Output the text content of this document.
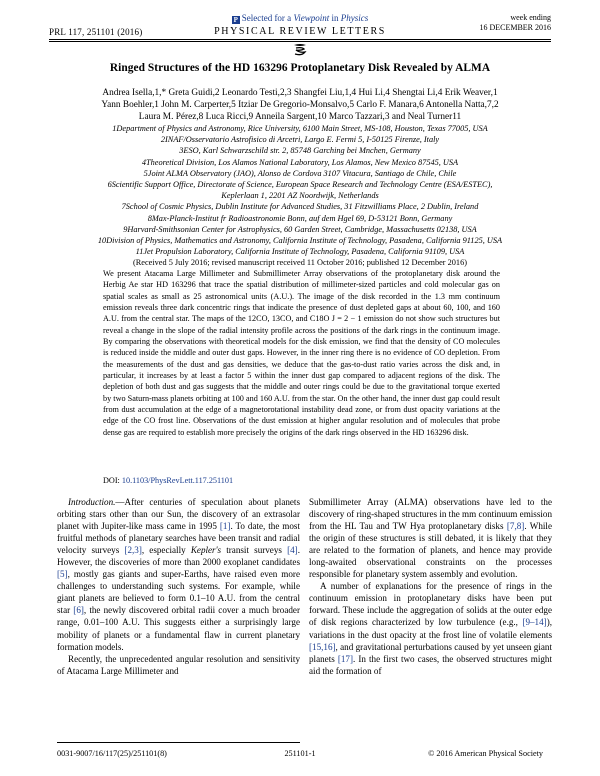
PRL 117, 251101 (2016)
P Selected for a Viewpoint in Physics
PHYSICAL REVIEW LETTERS
week ending
16 DECEMBER 2016
Ringed Structures of the HD 163296 Protoplanetary Disk Revealed by ALMA
Andrea Isella,1,* Greta Guidi,2 Leonardo Testi,2,3 Shangfei Liu,1,4 Hui Li,4 Shengtai Li,4 Erik Weaver,1
Yann Boehler,1 John M. Carperter,5 Itziar De Gregorio-Monsalvo,5 Carlo F. Manara,6 Antonella Natta,7,2
Laura M. Pérez,8 Luca Ricci,9 Anneila Sargent,10 Marco Tazzari,3 and Neal Turner11
1Department of Physics and Astronomy, Rice University, 6100 Main Street, MS-108, Houston, Texas 77005, USA
2INAF/Osservatorio Astrofisico di Arcetri, Largo E. Fermi 5, I-50125 Firenze, Italy
3ESO, Karl Schwarzschild str. 2, 85748 Garching bei Mnchen, Germany
4Theoretical Division, Los Alamos National Laboratory, Los Alamos, New Mexico 87545, USA
5Joint ALMA Observatory (JAO), Alonso de Cordova 3107 Vitacura, Santiago de Chile, Chile
6Scientific Support Office, Directorate of Science, European Space Research and Technology Centre (ESA/ESTEC),
Keplerlaan 1, 2201 AZ Noordwijk, Netherlands
7School of Cosmic Physics, Dublin Institute for Advanced Studies, 31 Fitzwilliams Place, 2 Dublin, Ireland
8Max-Planck-Institut fr Radioastronomie Bonn, auf dem Hgel 69, D-53121 Bonn, Germany
9Harvard-Smithsonian Center for Astrophysics, 60 Garden Street, Cambridge, Massachusetts 02138, USA
10Division of Physics, Mathematics and Astronomy, California Institute of Technology, Pasadena, California 91125, USA
11Jet Propulsion Laboratory, California Institute of Technology, Pasadena, California 91109, USA
(Received 5 July 2016; revised manuscript received 11 October 2016; published 12 December 2016)

We present Atacama Large Millimeter and Submillimeter Array observations of the protoplanetary disk around the Herbig Ae star HD 163296 that trace the spatial distribution of millimeter-sized particles and cold molecular gas on spatial scales as small as 25 astronomical units (A.U.). The image of the disk recorded in the 1.3 mm continuum emission reveals three dark concentric rings that indicate the presence of dust depleted gaps at about 60, 100, and 160 A.U. from the central star. The maps of the 12CO, 13CO, and C18O J = 2 − 1 emission do not show such structures but reveal a change in the slope of the radial intensity profile across the positions of the dark rings in the continuum image. By comparing the observations with theoretical models for the disk emission, we find that the density of CO molecules is reduced inside the middle and outer dust gaps. However, in the inner ring there is no evidence of CO depletion. From the measurements of the dust and gas densities, we deduce that the gas-to-dust ratio varies across the disk and, in particular, it increases by at least a factor 5 within the inner dust gap compared to adjacent regions of the disk. The depletion of both dust and gas suggests that the middle and outer rings could be due to the gravitational torque exerted by two Saturn-mass planets orbiting at 100 and 160 A.U. from the star. On the other hand, the inner dust gap could result from dust accumulation at the edge of a magnetorotational instability dead zone, or from dust opacity variations at the edge of the CO frost line. Observations of the dust emission at higher angular resolution and of molecules that probe dense gas are required to establish more precisely the origins of the dark rings observed in the HD 163296 disk.

DOI: 10.1103/PhysRevLett.117.251101

Introduction.—After centuries of speculation about planets orbiting stars other than our Sun, the discovery of an extrasolar planet with Jupiter-like mass came in 1995 [1]. To date, the most fruitful methods of planetary searches have been transit and radial velocity surveys [2,3], especially Kepler's transit surveys [4]. However, the discoveries of more than 2000 exoplanet candidates [5], mostly gas giants and super-Earths, have raised even more challenges to understanding such systems. For example, while giant planets are believed to form 0.1–10 A.U. from the central star [6], the newly discovered orbital radii cover a much broader range, 0.01–100 A.U. This suggests either a surprisingly large mobility of planets or a fundamental flaw in current planetary formation models.

Recently, the unprecedented angular resolution and sensitivity of Atacama Large Millimeter and

Submillimeter Array (ALMA) observations have led to the discovery of ring-shaped structures in the mm continuum emission from the HL Tau and TW Hya protoplanetary disks [7,8]. While the origin of these structures is still debated, it is likely that they are related to the formation of planets, and hence may provide long-awaited observational constraints on the processes responsible for planetary system assembly and evolution.

A number of explanations for the presence of rings in the continuum emission in protoplanetary disks have been put forward. These include the aggregation of solids at the outer edge of disk regions characterized by low turbulence (e.g., [9–14]), variations in the dust opacity at the frost line of volatile elements [15,16], and gravitational perturbations caused by yet unseen giant planets [17]. In the first two cases, the observed structures might aid the formation of

0031-9007/16/117(25)/251101(8)	251101-1	© 2016 American Physical Society
